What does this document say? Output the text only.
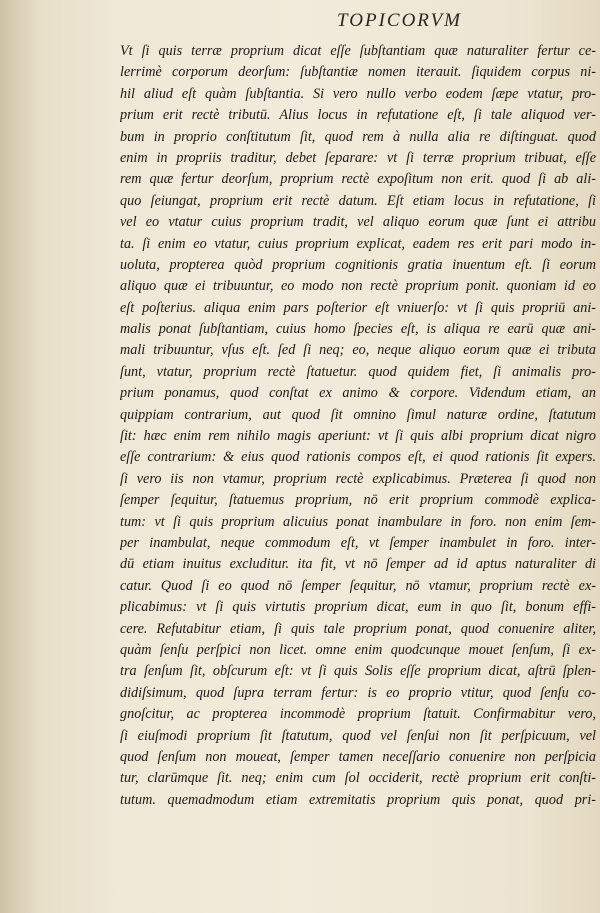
TOPICORVM
Vt ſi quis terræ proprium dicat eſſe ſubſtantiam quæ naturaliter fertur ce-
lerrimè corporum deorſum: ſubſtantiæ nomen iterauit. ſiquidem corpus ni-
hil aliud eſt quàm ſubſtantia. Si vero nullo verbo eodem ſæpe vtatur, pro-
prium erit rectè tributū. Alius locus in refutatione eſt, ſi tale aliquod ver-
bum in proprio conſtitutum ſit, quod rem à nulla alia re diſtinguat. quod
enim in propriis traditur, debet ſeparare: vt ſi terræ proprium tribuat, eſſe
rem quæ fertur deorſum, proprium rectè expoſitum non erit. quod ſi ab ali-
quo ſeiungat, proprium erit rectè datum. Eſt etiam locus in refutatione, ſi
vel eo vtatur cuius proprium tradit, vel aliquo eorum quæ ſunt ei attribu
ta. ſi enim eo vtatur, cuius proprium explicat, eadem res erit pari modo in-
uoluta, propterea quòd proprium cognitionis gratia inuentum eſt. ſi eorum
aliquo quæ ei tribuuntur, eo modo non rectè proprium ponit. quoniam id eo
eſt poſterius. aliqua enim pars poſterior eſt vniuerſo: vt ſi quis propriū ani-
malis ponat ſubſtantiam, cuius homo ſpecies eſt, is aliqua re earū quæ ani-
mali tribuuntur, vſus eſt. ſed ſi neq; eo, neque aliquo eorum quæ ei tributa
ſunt, vtatur, proprium rectè ſtatuetur. quod quidem fiet, ſi animalis pro-
prium ponamus, quod conſtat ex animo & corpore. Videndum etiam, an
quippiam contrarium, aut quod ſit omnino ſimul naturæ ordine, ſtatutum
ſit: hæc enim rem nihilo magis aperiunt: vt ſi quis albi proprium dicat nigro
eſſe contrarium: & eius quod rationis compos eſt, ei quod rationis ſit expers.
ſi vero iis non vtamur, proprium rectè explicabimus. Præterea ſi quod non
ſemper ſequitur, ſtatuemus proprium, nō erit proprium commodè explica-
tum: vt ſi quis proprium alicuius ponat inambulare in foro. non enim ſem-
per inambulat, neque commodum eſt, vt ſemper inambulet in foro. inter-
dū etiam inuitus excluditur. ita fit, vt nō ſemper ad id aptus naturaliter di
catur. Quod ſi eo quod nō ſemper ſequitur, nō vtamur, proprium rectè ex-
plicabimus: vt ſi quis virtutis proprium dicat, eum in quo ſit, bonum effi-
cere. Refutabitur etiam, ſi quis tale proprium ponat, quod conuenire aliter,
quàm ſenſu perſpici non licet. omne enim quodcunque mouet ſenſum, ſi ex-
tra ſenſum ſit, obſcurum eſt: vt ſi quis Solis eſſe proprium dicat, aſtrū ſplen-
didiſsimum, quod ſupra terram fertur: is eo proprio vtitur, quod ſenſu co-
gnoſcitur, ac propterea incommodè proprium ſtatuit. Confirmabitur vero,
ſi eiuſmodi proprium ſit ſtatutum, quod vel ſenſui non ſit perſpicuum, vel
quod ſenſum non moueat, ſemper tamen neceſſario conuenire non perſpicia
tur, clarūmque ſit. neq; enim cum ſol occiderit, rectè proprium erit conſti-
tutum. quemadmodum etiam extremitatis proprium quis ponat, quod pri-
